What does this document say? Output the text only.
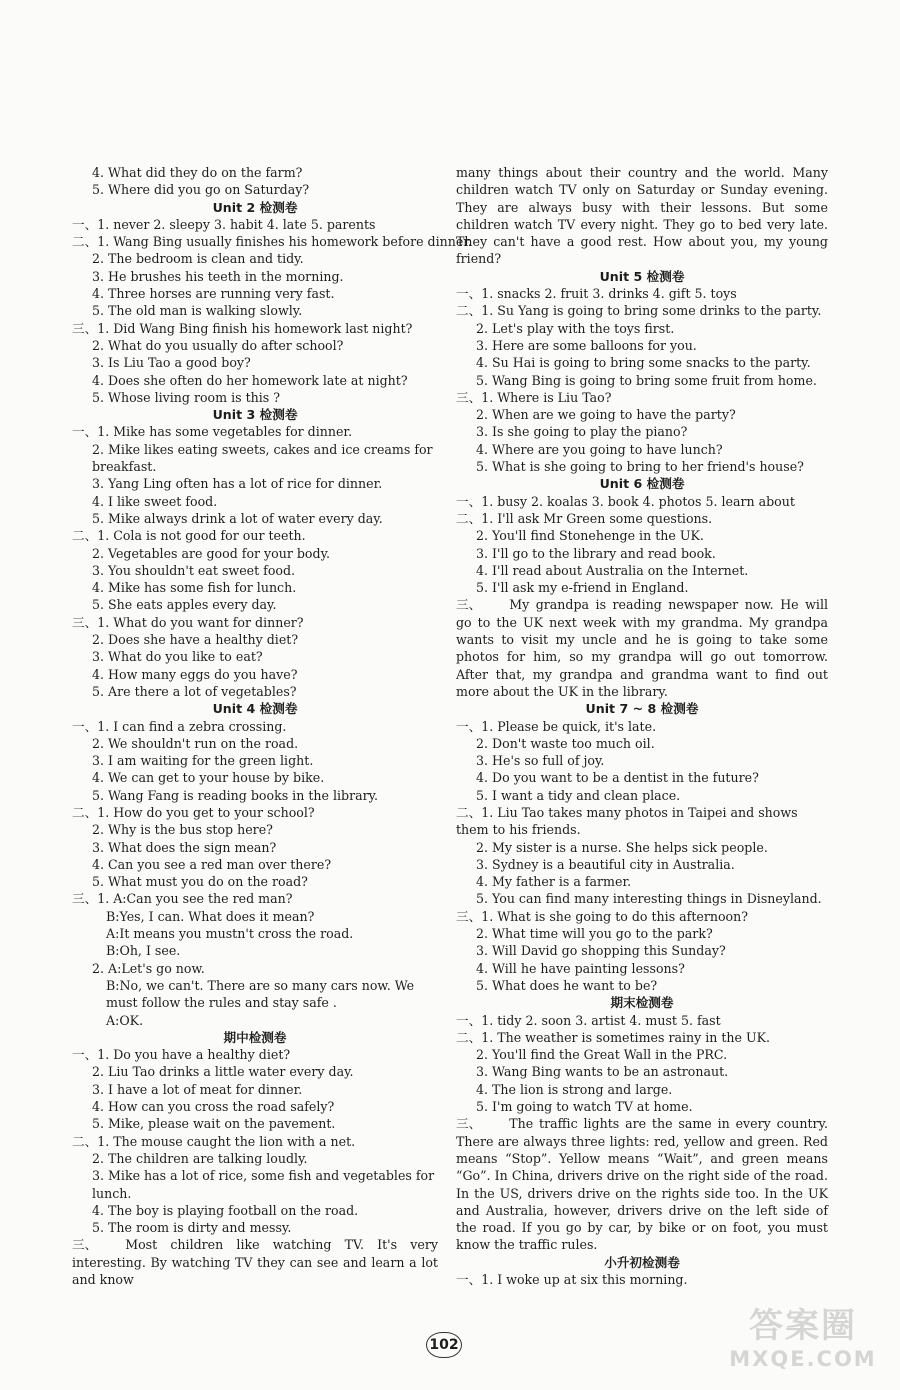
4. What did they do on the farm?
5. Where did you go on Saturday?
Unit 2 检测卷
一、1. never 2. sleepy 3. habit 4. late 5. parents
二、1. Wang Bing usually finishes his homework before dinner.
2. The bedroom is clean and tidy.
3. He brushes his teeth in the morning.
4. Three horses are running very fast.
5. The old man is walking slowly.
三、1. Did Wang Bing finish his homework last night?
2. What do you usually do after school?
3. Is Liu Tao a good boy?
4. Does she often do her homework late at night?
5. Whose living room is this ?
Unit 3 检测卷
一、1. Mike has some vegetables for dinner.
2. Mike likes eating sweets, cakes and ice creams for breakfast.
3. Yang Ling often has a lot of rice for dinner.
4. I like sweet food.
5. Mike always drink a lot of water every day.
二、1. Cola is not good for our teeth.
2. Vegetables are good for your body.
3. You shouldn't eat sweet food.
4. Mike has some fish for lunch.
5. She eats apples every day.
三、1. What do you want for dinner?
2. Does she have a healthy diet?
3. What do you like to eat?
4. How many eggs do you have?
5. Are there a lot of vegetables?
Unit 4 检测卷
一、1. I can find a zebra crossing.
2. We shouldn't run on the road.
3. I am waiting for the green light.
4. We can get to your house by bike.
5. Wang Fang is reading books in the library.
二、1. How do you get to your school?
2. Why is the bus stop here?
3. What does the sign mean?
4. Can you see a red man over there?
5. What must you do on the road?
三、1. A:Can you see the red man?
B:Yes, I can. What does it mean?
A:It means you mustn't cross the road.
B:Oh, I see.
2. A:Let's go now.
B:No, we can't. There are so many cars now. We must follow the rules and stay safe .
A:OK.
期中检测卷
一、1. Do you have a healthy diet?
2. Liu Tao drinks a little water every day.
3. I have a lot of meat for dinner.
4. How can you cross the road safely?
5. Mike, please wait on the pavement.
二、1. The mouse caught the lion with a net.
2. The children are talking loudly.
3. Mike has a lot of rice, some fish and vegetables for lunch.
4. The boy is playing football on the road.
5. The room is dirty and messy.
三、 Most children like watching TV. It's very interesting. By watching TV they can see and learn a lot and know
many things about their country and the world. Many children watch TV only on Saturday or Sunday evening. They are always busy with their lessons. But some children watch TV every night. They go to bed very late. They can't have a good rest. How about you, my young friend?
Unit 5 检测卷
一、1. snacks 2. fruit 3. drinks 4. gift 5. toys
二、1. Su Yang is going to bring some drinks to the party.
2. Let's play with the toys first.
3. Here are some balloons for you.
4. Su Hai is going to bring some snacks to the party.
5. Wang Bing is going to bring some fruit from home.
三、1. Where is Liu Tao?
2. When are we going to have the party?
3. Is she going to play the piano?
4. Where are you going to have lunch?
5. What is she going to bring to her friend's house?
Unit 6 检测卷
一、1. busy 2. koalas 3. book 4. photos 5. learn about
二、1. I'll ask Mr Green some questions.
2. You'll find Stonehenge in the UK.
3. I'll go to the library and read book.
4. I'll read about Australia on the Internet.
5. I'll ask my e-friend in England.
三、 My grandpa is reading newspaper now. He will go to the UK next week with my grandma. My grandpa wants to visit my uncle and he is going to take some photos for him, so my grandpa will go out tomorrow. After that, my grandpa and grandma want to find out more about the UK in the library.
Unit 7 ~ 8 检测卷
一、1. Please be quick, it's late.
2. Don't waste too much oil.
3. He's so full of joy.
4. Do you want to be a dentist in the future?
5. I want a tidy and clean place.
二、1. Liu Tao takes many photos in Taipei and shows them to his friends.
2. My sister is a nurse. She helps sick people.
3. Sydney is a beautiful city in Australia.
4. My father is a farmer.
5. You can find many interesting things in Disneyland.
三、1. What is she going to do this afternoon?
2. What time will you go to the park?
3. Will David go shopping this Sunday?
4. Will he have painting lessons?
5. What does he want to be?
期末检测卷
一、1. tidy 2. soon 3. artist 4. must 5. fast
二、1. The weather is sometimes rainy in the UK.
2. You'll find the Great Wall in the PRC.
3. Wang Bing wants to be an astronaut.
4. The lion is strong and large.
5. I'm going to watch TV at home.
三、 The traffic lights are the same in every country. There are always three lights: red, yellow and green. Red means “Stop”. Yellow means “Wait”, and green means “Go”. In China, drivers drive on the right side of the road. In the US, drivers drive on the rights side too. In the UK and Australia, however, drivers drive on the left side of the road. If you go by car, by bike or on foot, you must know the traffic rules.
小升初检测卷
一、1. I woke up at six this morning.
102	答案圈
MXQE.COM
